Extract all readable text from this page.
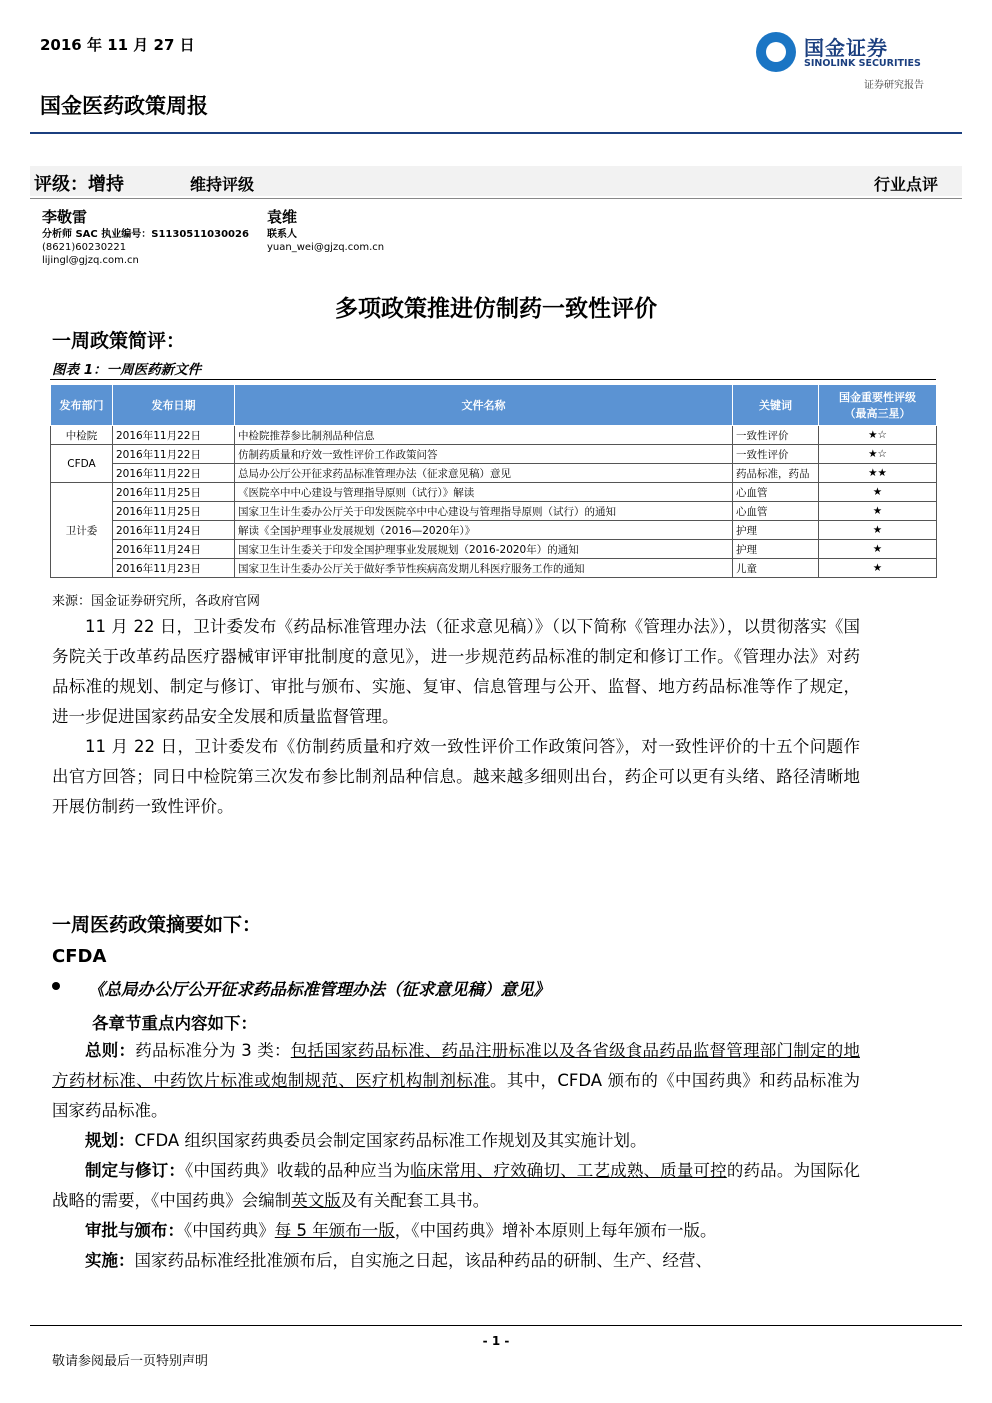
2016 年 11 月 27 日	国金证券
SINOLINK SECURITIES
证券研究报告
国金医药政策周报
评级：增持	维持评级	行业点评
李敬雷
分析师 SAC 执业编号：S1130511030026
(8621)60230221
lijingl@gjzq.com.cn
袁维
联系人
yuan_wei@gjzq.com.cn
多项政策推进仿制药一致性评价
一周政策简评：
图表 1：一周医药新文件
发布部门	发布日期	文件名称	关键词	国金重要性评级
（最高三星）

中检院	2016年11月22日	中检院推荐参比制剂品种信息	一致性评价	★☆
CFDA	2016年11月22日	仿制药质量和疗效一致性评价工作政策问答	一致性评价	★☆
	2016年11月22日	总局办公厅公开征求药品标准管理办法（征求意见稿）意见	药品标准，药品	★★
卫计委	2016年11月25日	《医院卒中中心建设与管理指导原则（试行）》解读	心血管	★
	2016年11月25日	国家卫生计生委办公厅关于印发医院卒中中心建设与管理指导原则（试行）的通知	心血管	★
	2016年11月24日	解读《全国护理事业发展规划（2016—2020年）》	护理	★
	2016年11月24日	国家卫生计生委关于印发全国护理事业发展规划（2016-2020年）的通知	护理	★
	2016年11月23日	国家卫生计生委办公厅关于做好季节性疾病高发期儿科医疗服务工作的通知	儿童	★
来源：国金证券研究所，各政府官网

11 月 22 日，卫计委发布《药品标准管理办法（征求意见稿）》（以下简称《管理办法》），以贯彻落实《国务院关于改革药品医疗器械审评审批制度的意见》，进一步规范药品标准的制定和修订工作。《管理办法》对药品标准的规划、制定与修订、审批与颁布、实施、复审、信息管理与公开、监督、地方药品标准等作了规定，进一步促进国家药品安全发展和质量监督管理。

11 月 22 日，卫计委发布《仿制药质量和疗效一致性评价工作政策问答》，对一致性评价的十五个问题作出官方回答；同日中检院第三次发布参比制剂品种信息。越来越多细则出台，药企可以更有头绪、路径清晰地开展仿制药一致性评价。

一周医药政策摘要如下：
CFDA
《总局办公厅公开征求药品标准管理办法（征求意见稿）意见》
各章节重点内容如下：

总则：药品标准分为 3 类：包括国家药品标准、药品注册标准以及各省级食品药品监督管理部门制定的地方药材标准、中药饮片标准或炮制规范、医疗机构制剂标准。其中，CFDA 颁布的《中国药典》和药品标准为国家药品标准。

规划：CFDA 组织国家药典委员会制定国家药品标准工作规划及其实施计划。

制定与修订：《中国药典》收载的品种应当为临床常用、疗效确切、工艺成熟、质量可控的药品。为国际化战略的需要，《中国药典》会编制英文版及有关配套工具书。

审批与颁布：《中国药典》每 5 年颁布一版，《中国药典》增补本原则上每年颁布一版。

实施：国家药品标准经批准颁布后，自实施之日起，该品种药品的研制、生产、经营、

- 1 -
敬请参阅最后一页特别声明
